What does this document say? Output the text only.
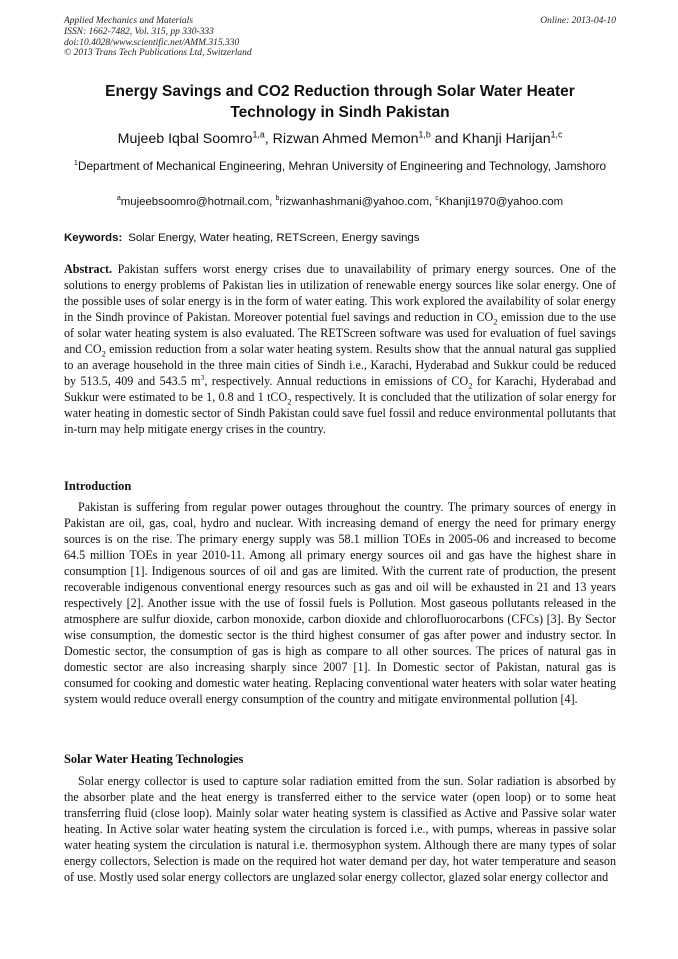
Applied Mechanics and Materials
ISSN: 1662-7482, Vol. 315, pp 330-333
doi:10.4028/www.scientific.net/AMM.315.330
© 2013 Trans Tech Publications Ltd, Switzerland
Online: 2013-04-10
Energy Savings and CO2 Reduction through Solar Water Heater Technology in Sindh Pakistan
Mujeeb Iqbal Soomro$^{1,a}$, Rizwan Ahmed Memon$^{1,b}$ and Khanji Harijan$^{1,c}$
$^1$Department of Mechanical Engineering, Mehran University of Engineering and Technology, Jamshoro
$^a$mujeebsoomro@hotmail.com, $^b$rizwanhashmani@yahoo.com, $^c$Khanji1970@yahoo.com
Keywords: Solar Energy, Water heating, RETScreen, Energy savings
Abstract. Pakistan suffers worst energy crises due to unavailability of primary energy sources. One of the solutions to energy problems of Pakistan lies in utilization of renewable energy sources like solar energy. One of the possible uses of solar energy is in the form of water eating. This work explored the availability of solar energy in the Sindh province of Pakistan. Moreover potential fuel savings and reduction in $CO_2$ emission due to the use of solar water heating system is also evaluated. The RETScreen software was used for evaluation of fuel savings and $CO_2$ emission reduction from a solar water heating system. Results show that the annual natural gas supplied to an average household in the three main cities of Sindh i.e., Karachi, Hyderabad and Sukkur could be reduced by 513.5, 409 and 543.5 $m^3$, respectively. Annual reductions in emissions of $CO_2$ for Karachi, Hyderabad and Sukkur were estimated to be 1, 0.8 and 1 tCO$_2$ respectively. It is concluded that the utilization of solar energy for water heating in domestic sector of Sindh Pakistan could save fuel fossil and reduce environmental pollutants that in-turn may help mitigate energy crises in the country.
Introduction
Pakistan is suffering from regular power outages throughout the country. The primary sources of energy in Pakistan are oil, gas, coal, hydro and nuclear. With increasing demand of energy the need for primary energy sources is on the rise. The primary energy supply was 58.1 million TOEs in 2005-06 and increased to become 64.5 million TOEs in year 2010-11. Among all primary energy sources oil and gas have the highest share in consumption [1]. Indigenous sources of oil and gas are limited. With the current rate of production, the present recoverable indigenous conventional energy resources such as gas and oil will be exhausted in 21 and 13 years respectively [2]. Another issue with the use of fossil fuels is Pollution. Most gaseous pollutants released in the atmosphere are sulfur dioxide, carbon monoxide, carbon dioxide and chlorofluorocarbons (CFCs) [3]. By Sector wise consumption, the domestic sector is the third highest consumer of gas after power and industry sector. In Domestic sector, the consumption of gas is high as compare to all other sources. The prices of natural gas in domestic sector are also increasing sharply since 2007 [1]. In Domestic sector of Pakistan, natural gas is consumed for cooking and domestic water heating. Replacing conventional water heaters with solar water heating system would reduce overall energy consumption of the country and mitigate environmental pollution [4].
Solar Water Heating Technologies
Solar energy collector is used to capture solar radiation emitted from the sun. Solar radiation is absorbed by the absorber plate and the heat energy is transferred either to the service water (open loop) or to some heat transferring fluid (close loop). Mainly solar water heating system is classified as Active and Passive solar water heating. In Active solar water heating system the circulation is forced i.e., with pumps, whereas in passive solar water heating system the circulation is natural i.e. thermosyphon system. Although there are many types of solar energy collectors, Selection is made on the required hot water demand per day, hot water temperature and season of use. Mostly used solar energy collectors are unglazed solar energy collector, glazed solar energy collector and
